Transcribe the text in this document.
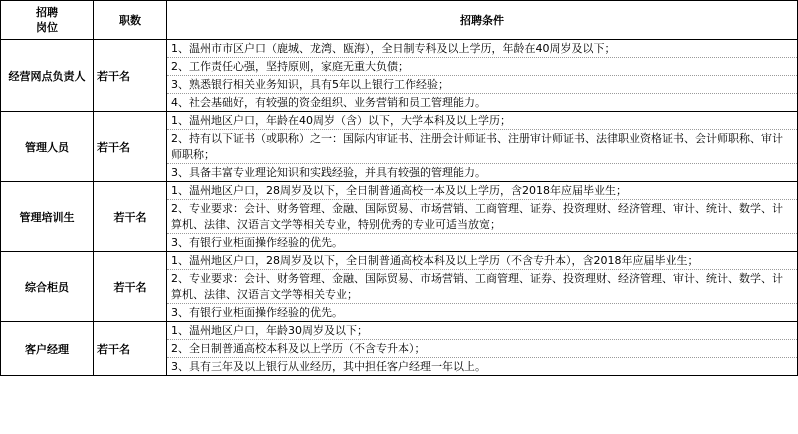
招聘
岗位	职数	招聘条件
经营网点负责人	若干名	1、温州市市区户口（鹿城、龙湾、瓯海），全日制专科及以上学历，年龄在40周岁及以下；
2、工作责任心强，坚持原则，家庭无重大负债；
3、熟悉银行相关业务知识，具有5年以上银行工作经验；
4、社会基础好，有较强的资金组织、业务营销和员工管理能力。

管理人员	若干名	1、温州地区户口，年龄在40周岁（含）以下，大学本科及以上学历；
2、持有以下证书（或职称）之一：国际内审证书、注册会计师证书、注册审计师证书、法律职业资格证书、会计师职称、审计师职称；
3、具备丰富专业理论知识和实践经验，并具有较强的管理能力。

管理培训生	若干名	1、温州地区户口，28周岁及以下，全日制普通高校一本及以上学历，含2018年应届毕业生；
2、专业要求：会计、财务管理、金融、国际贸易、市场营销、工商管理、证券、投资理财、经济管理、审计、统计、数学、计算机、法律、汉语言文学等相关专业，特别优秀的专业可适当放宽；
3、有银行业柜面操作经验的优先。

综合柜员	若干名	1、温州地区户口，28周岁及以下，全日制普通高校本科及以上学历（不含专升本），含2018年应届毕业生；
2、专业要求：会计、财务管理、金融、国际贸易、市场营销、工商管理、证券、投资理财、经济管理、审计、统计、数学、计算机、法律、汉语言文学等相关专业；
3、有银行业柜面操作经验的优先。

客户经理	若干名	1、温州地区户口，年龄30周岁及以下；
2、全日制普通高校本科及以上学历（不含专升本）；
3、具有三年及以上银行从业经历，其中担任客户经理一年以上。
